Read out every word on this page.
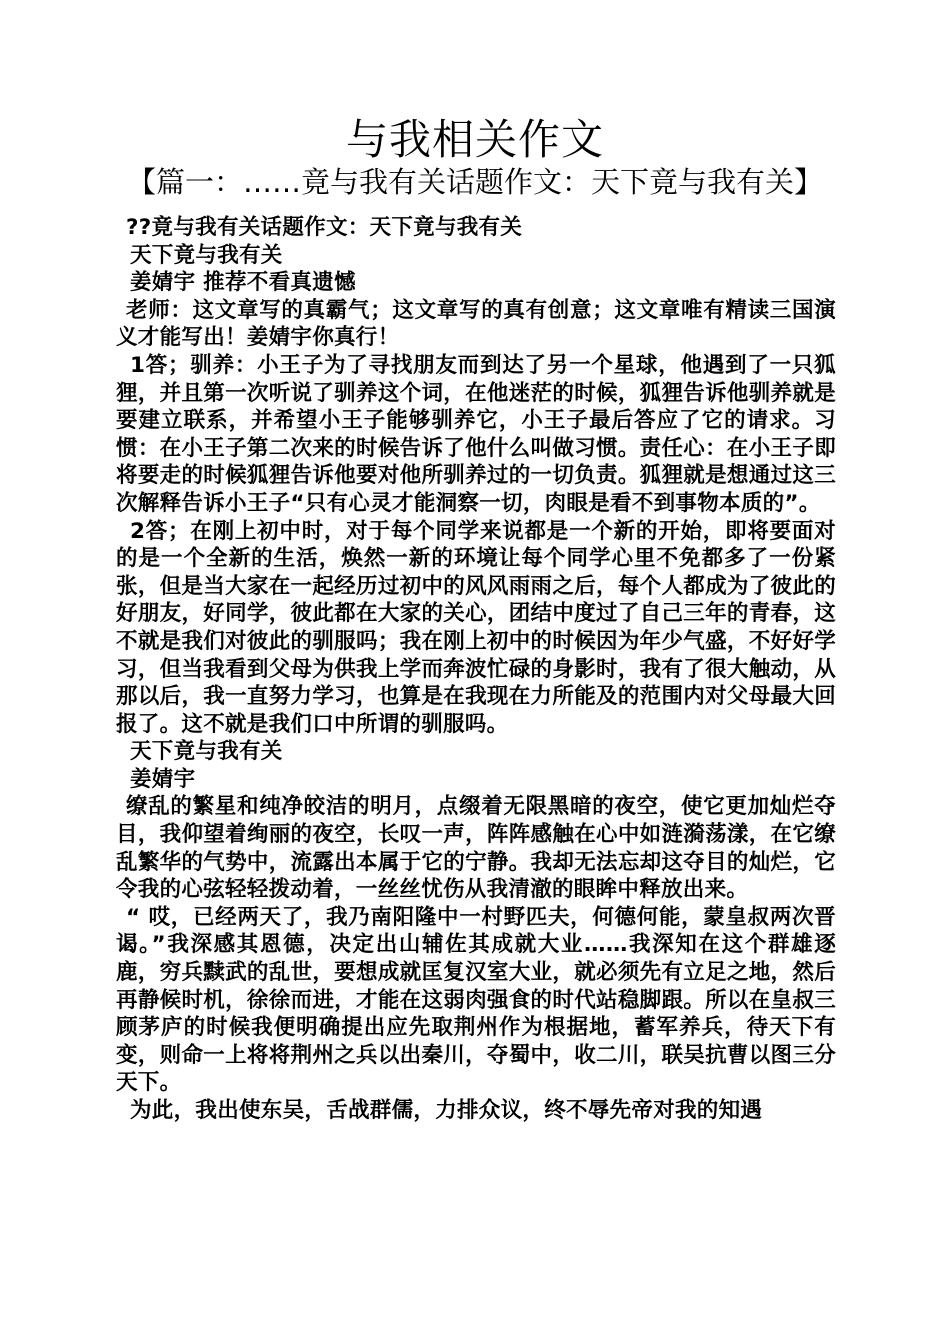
与我相关作文
【篇一：……竟与我有关话题作文：天下竟与我有关】

??竟与我有关话题作文：天下竟与我有关

天下竟与我有关

姜婧宇 推荐不看真遗憾

老师：这文章写的真霸气；这文章写的真有创意；这文章唯有精读三国演义才能写出！姜婧宇你真行！

1答；驯养：小王子为了寻找朋友而到达了另一个星球，他遇到了一只狐狸，并且第一次听说了驯养这个词，在他迷茫的时候，狐狸告诉他驯养就是要建立联系，并希望小王子能够驯养它，小王子最后答应了它的请求。习惯：在小王子第二次来的时候告诉了他什么叫做习惯。责任心：在小王子即将要走的时候狐狸告诉他要对他所驯养过的一切负责。狐狸就是想通过这三次解释告诉小王子“只有心灵才能洞察一切，肉眼是看不到事物本质的”。

2答；在刚上初中时，对于每个同学来说都是一个新的开始，即将要面对的是一个全新的生活，焕然一新的环境让每个同学心里不免都多了一份紧张，但是当大家在一起经历过初中的风风雨雨之后，每个人都成为了彼此的好朋友，好同学，彼此都在大家的关心，团结中度过了自己三年的青春，这不就是我们对彼此的驯服吗；我在刚上初中的时候因为年少气盛，不好好学习，但当我看到父母为供我上学而奔波忙碌的身影时，我有了很大触动，从那以后，我一直努力学习，也算是在我现在力所能及的范围内对父母最大回报了。这不就是我们口中所谓的驯服吗。

天下竟与我有关

姜婧宇

缭乱的繁星和纯净皎洁的明月，点缀着无限黑暗的夜空，使它更加灿烂夺目，我仰望着绚丽的夜空，长叹一声，阵阵感触在心中如涟漪荡漾，在它缭乱繁华的气势中，流露出本属于它的宁静。我却无法忘却这夺目的灿烂，它令我的心弦轻轻拨动着，一丝丝忧伤从我清澈的眼眸中释放出来。

“ 哎，已经两天了，我乃南阳隆中一村野匹夫，何德何能，蒙皇叔两次晋谒。”我深感其恩德，决定出山辅佐其成就大业……我深知在这个群雄逐鹿，穷兵黩武的乱世，要想成就匡复汉室大业，就必须先有立足之地，然后再静候时机，徐徐而进，才能在这弱肉强食的时代站稳脚跟。所以在皇叔三顾茅庐的时候我便明确提出应先取荆州作为根据地，蓄军养兵，待天下有变，则命一上将将荆州之兵以出秦川，夺蜀中，收二川，联吴抗曹以图三分天下。

为此，我出使东吴，舌战群儒，力排众议，终不辱先帝对我的知遇
